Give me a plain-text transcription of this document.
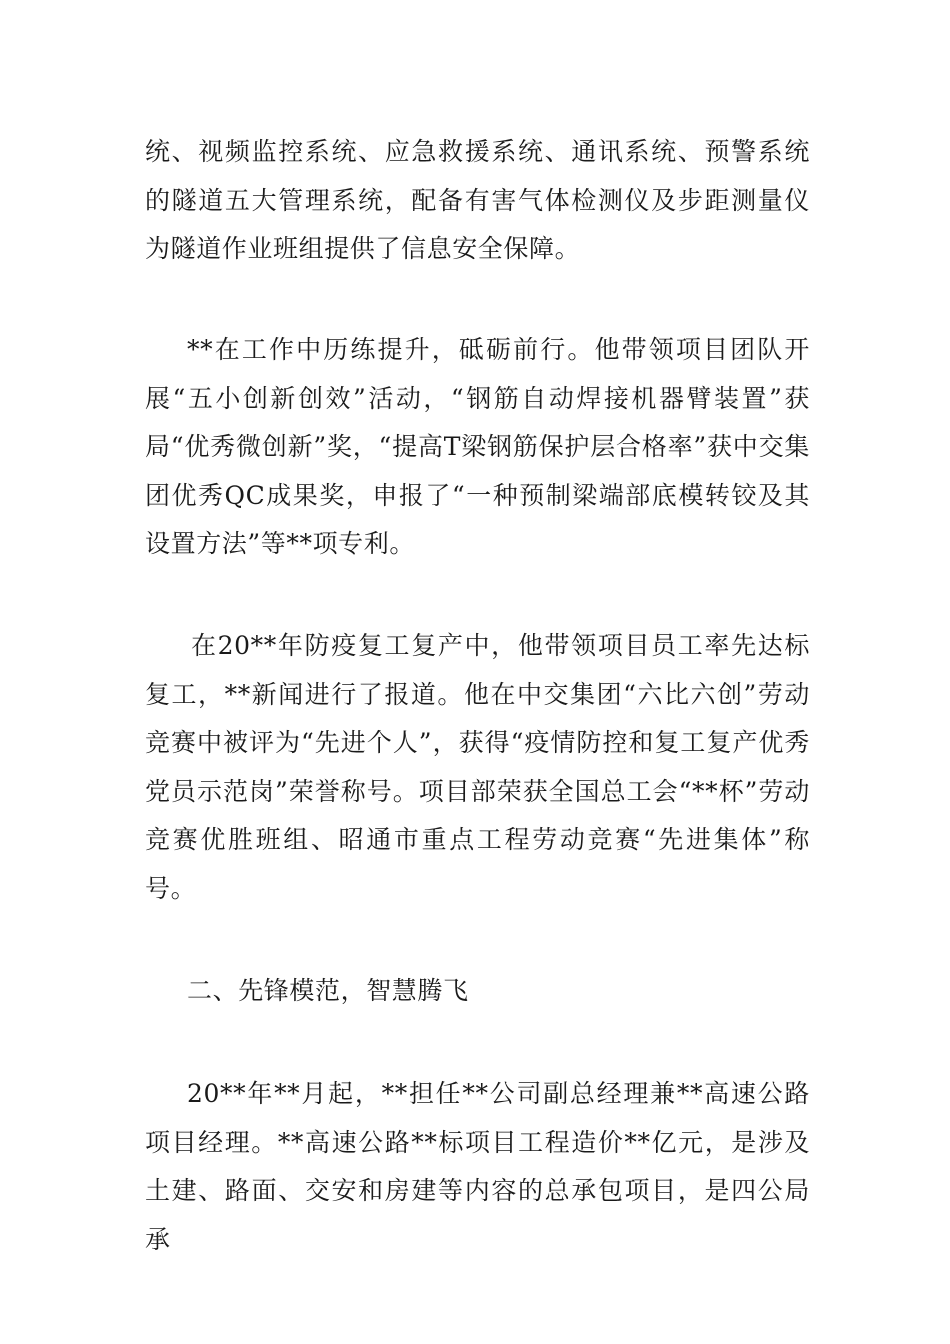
统、视频监控系统、应急救援系统、通讯系统、预警系统的隧道五大管理系统，配备有害气体检测仪及步距测量仪为隧道作业班组提供了信息安全保障。

**在工作中历练提升，砥砺前行。他带领项目团队开展“五小创新创效”活动，“钢筋自动焊接机器臂装置”获局“优秀微创新”奖，“提高T梁钢筋保护层合格率”获中交集团优秀QC成果奖，申报了“一种预制梁端部底模转铰及其设置方法”等**项专利。

在20**年防疫复工复产中，他带领项目员工率先达标复工，**新闻进行了报道。他在中交集团“六比六创”劳动竞赛中被评为“先进个人”，获得“疫情防控和复工复产优秀党员示范岗”荣誉称号。项目部荣获全国总工会“**杯”劳动竞赛优胜班组、昭通市重点工程劳动竞赛“先进集体”称号。

二、先锋模范，智慧腾飞

20**年**月起，**担任**公司副总经理兼**高速公路项目经理。**高速公路**标项目工程造价**亿元，是涉及土建、路面、交安和房建等内容的总承包项目，是四公局承
